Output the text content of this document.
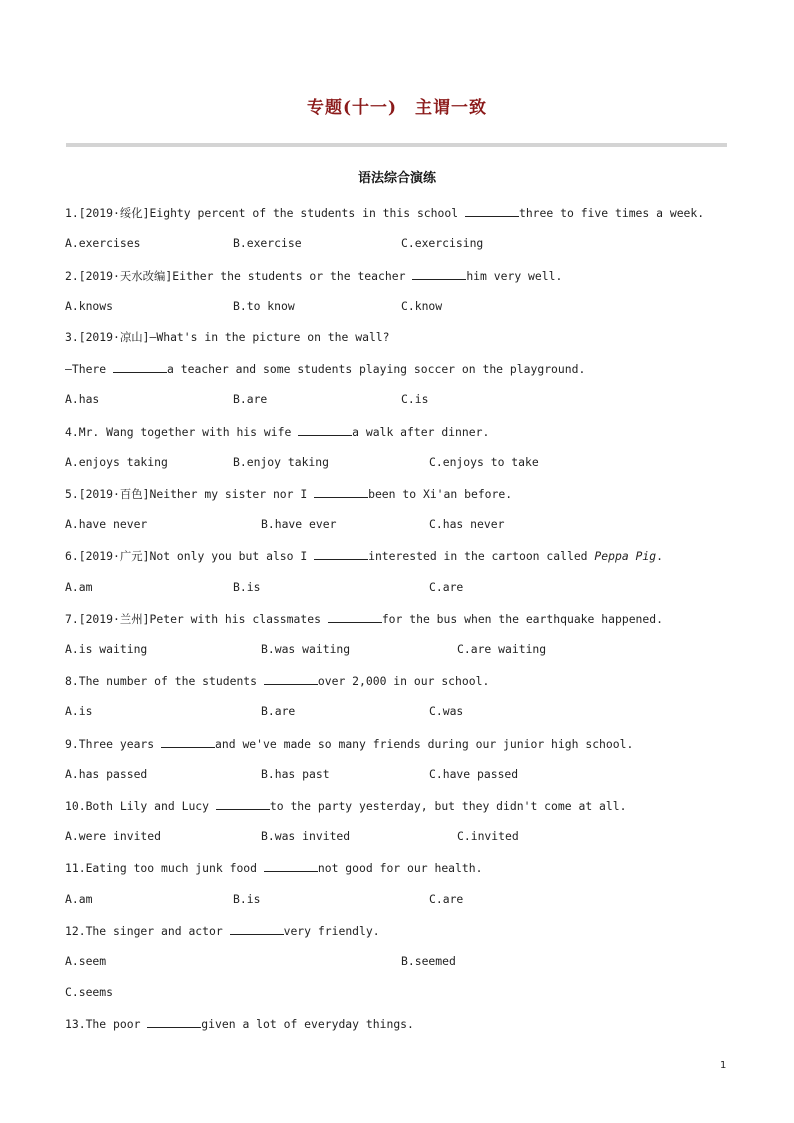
专题(十一)　主谓一致
语法综合演练
1.[2019·绥化]Eighty percent of the students in this school	three to five times a week.
A.exercises	B.exercise	C.exercising
2.[2019·天水改编]Either the students or the teacher	him very well.
A.knows	B.to know	C.know
3.[2019·凉山]—What's in the picture on the wall?
—There	a teacher and some students playing soccer on the playground.
A.has	B.are	C.is
4.Mr. Wang together with his wife	a walk after dinner.
A.enjoys taking	B.enjoy taking	C.enjoys to take
5.[2019·百色]Neither my sister nor I	been to Xi'an before.
A.have never	B.have ever	C.has never
6.[2019·广元]Not only you but also I	interested in the cartoon called Peppa Pig.
A.am	B.is	C.are
7.[2019·兰州]Peter with his classmates	for the bus when the earthquake happened.
A.is waiting	B.was waiting	C.are waiting
8.The number of the students	over 2,000 in our school.
A.is	B.are	C.was
9.Three years	and we've made so many friends during our junior high school.
A.has passed	B.has past	C.have passed
10.Both Lily and Lucy	to the party yesterday, but they didn't come at all.
A.were invited	B.was invited	C.invited
11.Eating too much junk food	not good for our health.
A.am	B.is	C.are
12.The singer and actor	very friendly.
A.seem	B.seemed
C.seems
13.The poor	given a lot of everyday things.
1
